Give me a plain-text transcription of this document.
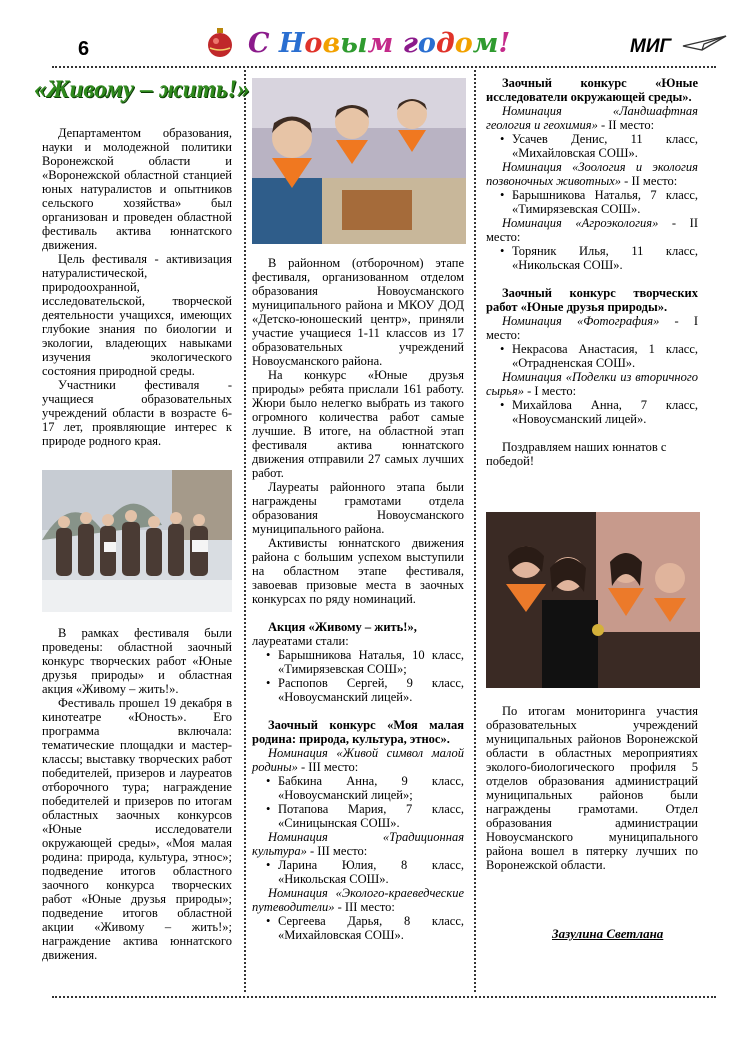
6	С Новым годом!	МИГ
«Живому – жить!»

Департаментом образования, науки и молодежной политики Воронежской области и «Воронежской областной станцией юных натуралистов и опытников сельского хозяйства» был организован и проведен областной фестиваль актива юннатского движения.

Цель фестиваля - активизация натуралистической, природоохранной, исследовательской, творческой деятельности учащихся, имеющих глубокие знания по биологии и экологии, владеющих навыками изучения экологического состояния природной среды.

Участники фестиваля - учащиеся образовательных учреждений области в возрасте 6-17 лет, проявляющие интерес к природе родного края.

В рамках фестиваля были проведены: областной заочный конкурс творческих работ «Юные друзья природы» и областная акция «Живому – жить!».

Фестиваль прошел 19 декабря в кинотеатре «Юность». Его программа включала: тематические площадки и мастер-классы; выставку творческих работ победителей, призеров и лауреатов отборочного тура; награждение победителей и призеров по итогам областных заочных конкурсов «Юные исследователи окружающей среды», «Моя малая родина: природа, культура, этнос»; подведение итогов областного заочного конкурса творческих работ «Юные друзья природы»; подведение итогов областной акции «Живому – жить!»; награждение актива юннатского движения.

В районном (отборочном) этапе фестиваля, организованном отделом образования Новоусманского муниципального района и МКОУ ДОД «Детско-юношеский центр», приняли участие учащиеся 1-11 классов из 17 образовательных учреждений Новоусманского района.

На конкурс «Юные друзья природы» ребята прислали 161 работу. Жюри было нелегко выбрать из такого огромного количества работ самые лучшие. В итоге, на областной этап фестиваля актива юннатского движения отправили 27 самых лучших работ.

Лауреаты районного этапа были награждены грамотами отдела образования Новоусманского муниципального района.

Активисты юннатского движения района с большим успехом выступили на областном этапе фестиваля, завоевав призовые места в заочных конкурсах по ряду номинаций.

Акция «Живому – жить!»,

лауреатами стали:

• Барышникова Наталья, 10 класс, «Тимирязевская СОШ»;

• Распопов Сергей, 9 класс, «Новоусманский лицей».

Заочный конкурс «Моя малая родина: природа, культура, этнос».

Номинация «Живой символ малой родины» - III место:

• Бабкина Анна, 9 класс, «Новоусманский лицей»;

• Потапова Мария, 7 класс, «Синицынская СОШ».

Номинация «Традиционная культура» - III место:

• Ларина Юлия, 8 класс, «Никольская СОШ».

Номинация «Эколого-краеведческие путеводители» - III место:

• Сергеева Дарья, 8 класс, «Михайловская СОШ».

Заочный конкурс «Юные исследователи окружающей среды».

Номинация «Ландшафтная геология и геохимия» - II место:

• Усачев Денис, 11 класс, «Михайловская СОШ».

Номинация «Зоология и экология позвоночных животных» - II место:

• Барышникова Наталья, 7 класс, «Тимирязевская СОШ».

Номинация «Агроэкология» - II место:

• Торяник Илья, 11 класс, «Никольская СОШ».

Заочный конкурс творческих работ «Юные друзья природы».

Номинация «Фотография» - I место:

• Некрасова Анастасия, 1 класс, «Отрадненская СОШ».

Номинация «Поделки из вторичного сырья» - I место:

• Михайлова Анна, 7 класс, «Новоусманский лицей».

Поздравляем наших юннатов с победой!

По итогам мониторинга участия образовательных учреждений муниципальных районов Воронежской области в областных мероприятиях эколого-биологического профиля 5 отделов образования администраций муниципальных районов были награждены грамотами. Отдел образования администрации Новоусманского муниципального района вошел в пятерку лучших по Воронежской области.

Зазулина Светлана
